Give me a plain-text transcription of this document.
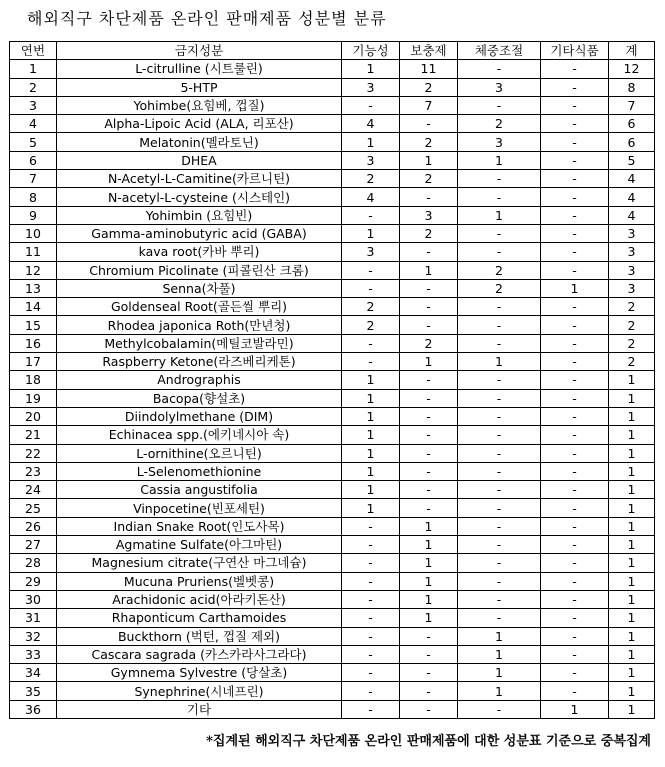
해외직구 차단제품 온라인 판매제품 성분별 분류
연번	금지성분	기능성	보충제	체중조절	기타식품	계
1	L-citrulline (시트룰린)	1	11	-	-	12
2	5-HTP	3	2	3	-	8
3	Yohimbe(요힘베, 껍질)	-	7	-	-	7
4	Alpha-Lipoic Acid (ALA, 리포산)	4	-	2	-	6
5	Melatonin(멜라토닌)	1	2	3	-	6
6	DHEA	3	1	1	-	5
7	N-Acetyl-L-Camitine(카르니틴)	2	2	-	-	4
8	N-acetyl-L-cysteine (시스테인)	4	-	-	-	4
9	Yohimbin (요힘빈)	-	3	1	-	4
10	Gamma-aminobutyric acid (GABA)	1	2	-	-	3
11	kava root(카바 뿌리)	3	-	-	-	3
12	Chromium Picolinate (피콜린산 크롬)	-	1	2	-	3
13	Senna(차풀)	-	-	2	1	3
14	Goldenseal Root(골든씰 뿌리)	2	-	-	-	2
15	Rhodea japonica Roth(만년청)	2	-	-	-	2
16	Methylcobalamin(메틸코발라민)	-	2	-	-	2
17	Raspberry Ketone(라즈베리케톤)	-	1	1	-	2
18	Andrographis	1	-	-	-	1
19	Bacopa(향설초)	1	-	-	-	1
20	Diindolylmethane (DIM)	1	-	-	-	1
21	Echinacea spp.(에키네시아 속)	1	-	-	-	1
22	L-ornithine(오르니틴)	1	-	-	-	1
23	L-Selenomethionine	1	-	-	-	1
24	Cassia angustifolia	1	-	-	-	1
25	Vinpocetine(빈포세틴)	1	-	-	-	1
26	Indian Snake Root(인도사목)	-	1	-	-	1
27	Agmatine Sulfate(아그마틴)	-	1	-	-	1
28	Magnesium citrate(구연산 마그네슘)	-	1	-	-	1
29	Mucuna Pruriens(벨벳콩)	-	1	-	-	1
30	Arachidonic acid(아라키돈산)	-	1	-	-	1
31	Rhaponticum Carthamoides	-	1	-	-	1
32	Buckthorn (벅턴, 껍질 제외)	-	-	1	-	1
33	Cascara sagrada (카스카라사그라다)	-	-	1	-	1
34	Gymnema Sylvestre (당살초)	-	-	1	-	1
35	Synephrine(시네프린)	-	-	1	-	1
36	기타	-	-	-	1	1
*집계된 해외직구 차단제품 온라인 판매제품에 대한 성분표 기준으로 중복집계
